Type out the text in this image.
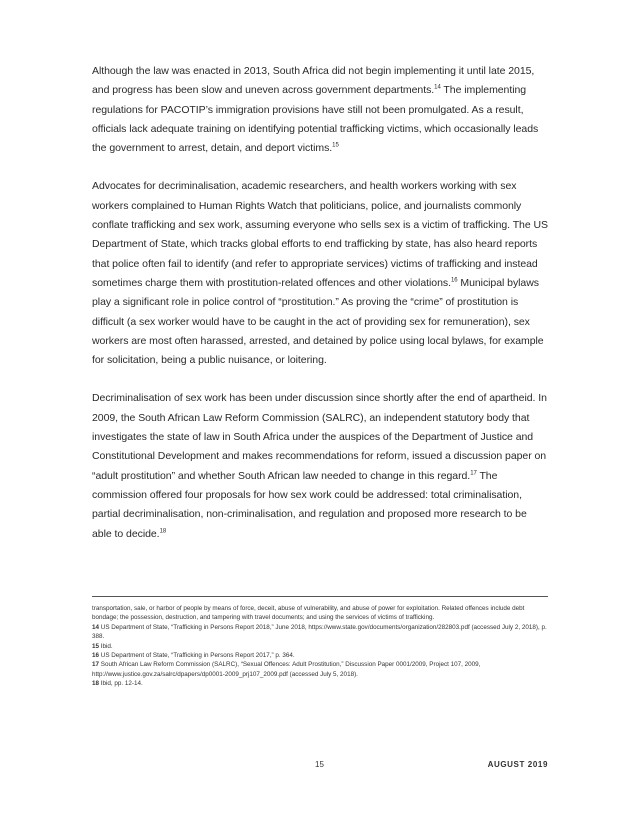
Although the law was enacted in 2013, South Africa did not begin implementing it until late 2015, and progress has been slow and uneven across government departments.$^{14}$ The implementing regulations for PACOTIP’s immigration provisions have still not been promulgated. As a result, officials lack adequate training on identifying potential trafficking victims, which occasionally leads the government to arrest, detain, and deport victims.$^{15}$

Advocates for decriminalisation, academic researchers, and health workers working with sex workers complained to Human Rights Watch that politicians, police, and journalists commonly conflate trafficking and sex work, assuming everyone who sells sex is a victim of trafficking. The US Department of State, which tracks global efforts to end trafficking by state, has also heard reports that police often fail to identify (and refer to appropriate services) victims of trafficking and instead sometimes charge them with prostitution-related offences and other violations.$^{16}$ Municipal bylaws play a significant role in police control of “prostitution.” As proving the “crime” of prostitution is difficult (a sex worker would have to be caught in the act of providing sex for remuneration), sex workers are most often harassed, arrested, and detained by police using local bylaws, for example for solicitation, being a public nuisance, or loitering.

Decriminalisation of sex work has been under discussion since shortly after the end of apartheid. In 2009, the South African Law Reform Commission (SALRC), an independent statutory body that investigates the state of law in South Africa under the auspices of the Department of Justice and Constitutional Development and makes recommendations for reform, issued a discussion paper on “adult prostitution” and whether South African law needed to change in this regard.$^{17}$ The commission offered four proposals for how sex work could be addressed: total criminalisation, partial decriminalisation, non-criminalisation, and regulation and proposed more research to be able to decide.$^{18}$

transportation, sale, or harbor of people by means of force, deceit, abuse of vulnerability, and abuse of power for exploitation. Related offences include debt bondage; the possession, destruction, and tampering with travel documents; and using the services of victims of trafficking.

14 US Department of State, “Trafficking in Persons Report 2018,” June 2018, https://www.state.gov/documents/organization/282803.pdf (accessed July 2, 2018), p. 388.

15 Ibid.

16 US Department of State, “Trafficking in Persons Report 2017,” p. 364.

17 South African Law Reform Commission (SALRC), “Sexual Offences: Adult Prostitution,” Discussion Paper 0001/2009, Project 107, 2009, http://www.justice.gov.za/salrc/dpapers/dp0001-2009_prj107_2009.pdf (accessed July 5, 2018).

18 Ibid, pp. 12-14.

15	AUGUST 2019
